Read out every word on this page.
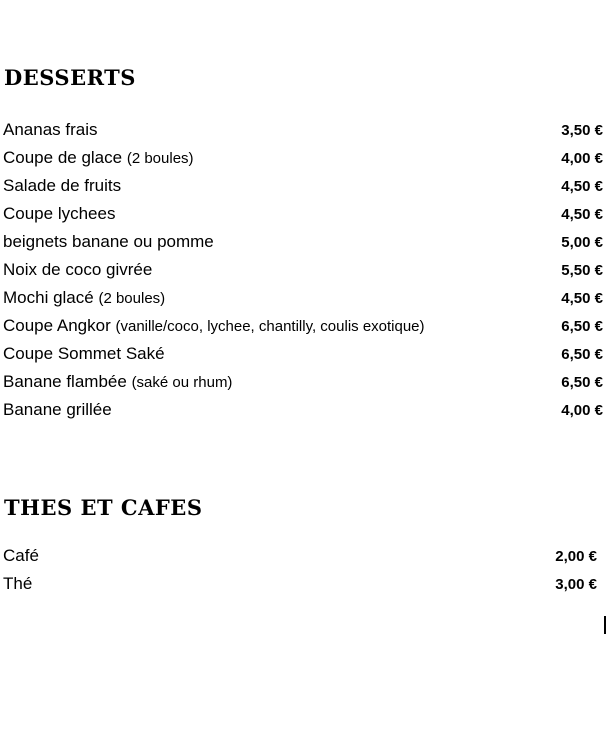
DESSERTS
Ananas frais	3,50 €
Coupe de glace (2 boules)	4,00 €
Salade de fruits	4,50 €
Coupe lychees	4,50 €
beignets banane ou pomme	5,00 €
Noix de coco givrée	5,50 €
Mochi glacé (2 boules)	4,50 €
Coupe Angkor (vanille/coco, lychee, chantilly, coulis exotique)	6,50 €
Coupe Sommet Saké	6,50 €
Banane flambée (saké ou rhum)	6,50 €
Banane grillée	4,00 €
THES ET CAFES
Café	2,00 €
Thé	3,00 €
